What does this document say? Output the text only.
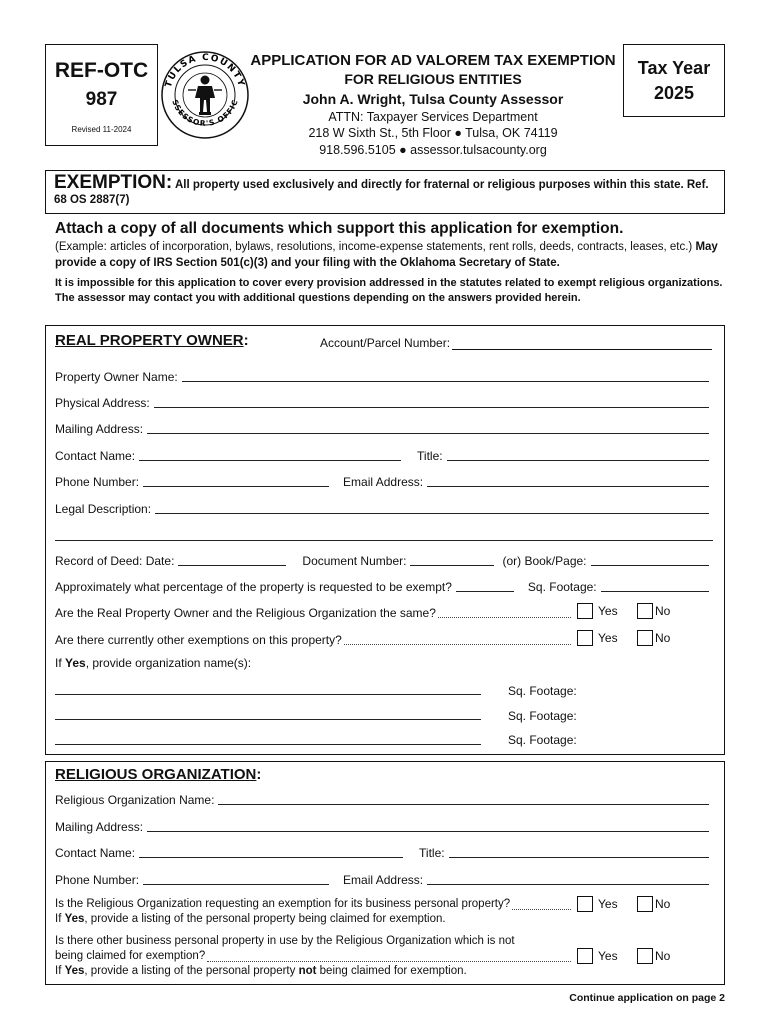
REF-OTC
987
Revised 11-2024
TULSA COUNTY
SSESSOR'S OFFIC
APPLICATION FOR AD VALOREM TAX EXEMPTION
FOR RELIGIOUS ENTITIES
John A. Wright, Tulsa County Assessor
ATTN: Taxpayer Services Department
218 W Sixth St., 5th Floor ● Tulsa, OK 74119
918.596.5105 ● assessor.tulsacounty.org
Tax Year
2025
EXEMPTION: All property used exclusively and directly for fraternal or religious purposes within this state. Ref. 68 OS 2887(7)
Attach a copy of all documents which support this application for exemption.
(Example: articles of incorporation, bylaws, resolutions, income-expense statements, rent rolls, deeds, contracts, leases, etc.) May provide a copy of IRS Section 501(c)(3) and your filing with the Oklahoma Secretary of State.
It is impossible for this application to cover every provision addressed in the statutes related to exempt religious organizations. The assessor may contact you with additional questions depending on the answers provided herein.
REAL PROPERTY OWNER:	Account/Parcel Number:
Property Owner Name:
Physical Address:
Mailing Address:
Contact Name:	Title:
Phone Number:	Email Address:
Legal Description:
Record of Deed: Date:	Document Number:	(or) Book/Page:
Approximately what percentage of the property is requested to be exempt?	Sq. Footage:
Are the Real Property Owner and the Religious Organization the same?	Yes	No
Are there currently other exemptions on this property?	Yes	No
If Yes, provide organization name(s):
Sq. Footage:
Sq. Footage:
Sq. Footage:
RELIGIOUS ORGANIZATION:
Religious Organization Name:
Mailing Address:
Contact Name:	Title:
Phone Number:	Email Address:
Is the Religious Organization requesting an exemption for its business personal property?
If Yes, provide a listing of the personal property being claimed for exemption.
Yes	No
Is there other business personal property in use by the Religious Organization which is not
being claimed for exemption?
If Yes, provide a listing of the personal property not being claimed for exemption.
Yes	No
Continue application on page 2
